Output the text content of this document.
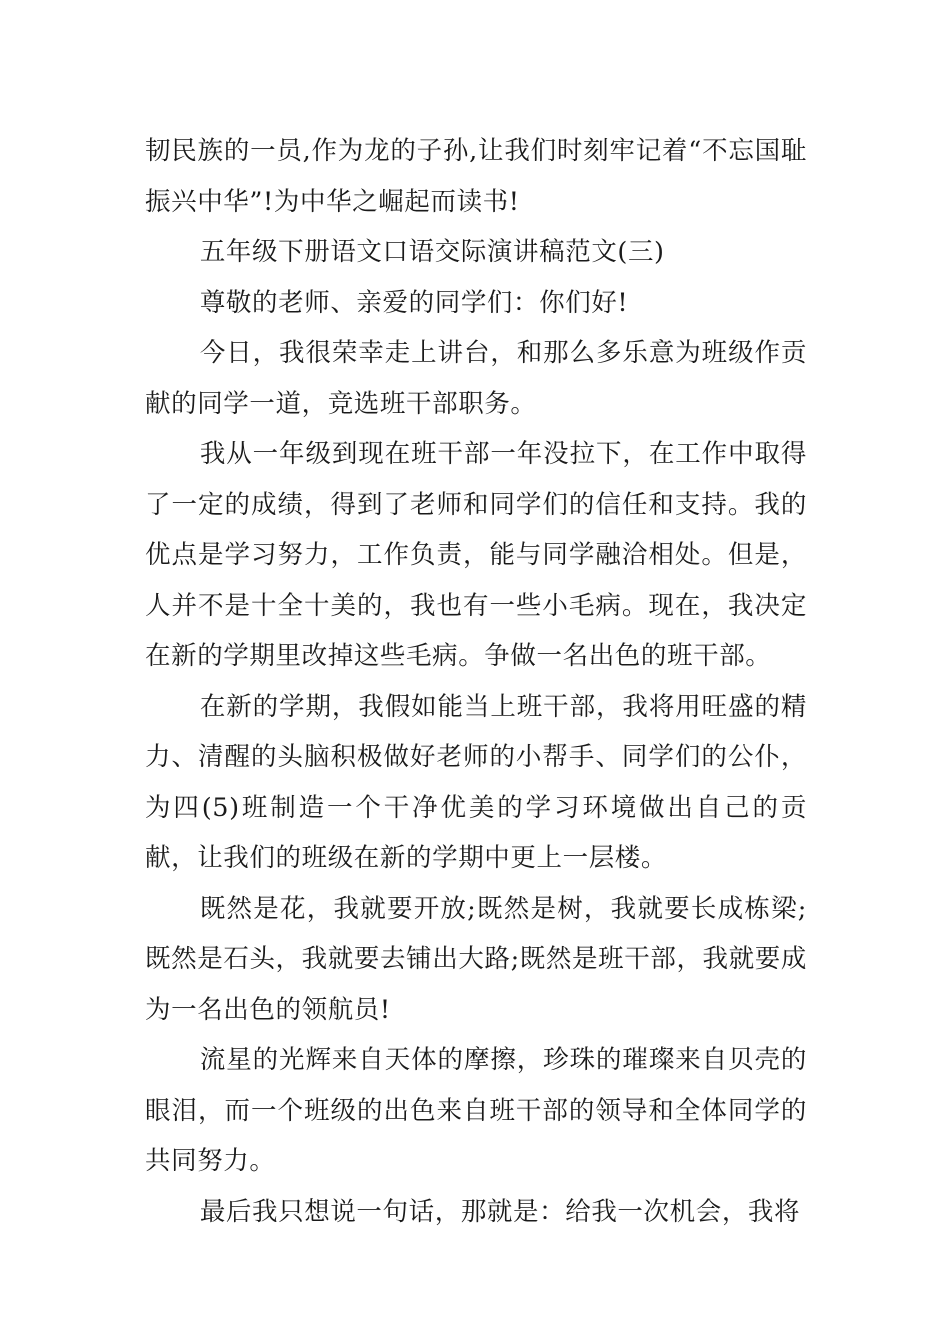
韧民族的一员,作为龙的子孙,让我们时刻牢记着“不忘国耻 振兴中华”!为中华之崛起而读书!

五年级下册语文口语交际演讲稿范文(三)

尊敬的老师、亲爱的同学们：你们好!

今日，我很荣幸走上讲台，和那么多乐意为班级作贡献的同学一道，竞选班干部职务。

我从一年级到现在班干部一年没拉下，在工作中取得了一定的成绩，得到了老师和同学们的信任和支持。我的优点是学习努力，工作负责，能与同学融洽相处。但是，人并不是十全十美的，我也有一些小毛病。现在，我决定在新的学期里改掉这些毛病。争做一名出色的班干部。

在新的学期，我假如能当上班干部，我将用旺盛的精力、清醒的头脑积极做好老师的小帮手、同学们的公仆，为四(5)班制造一个干净优美的学习环境做出自己的贡献，让我们的班级在新的学期中更上一层楼。

既然是花，我就要开放;既然是树，我就要长成栋梁;既然是石头，我就要去铺出大路;既然是班干部，我就要成为一名出色的领航员!

流星的光辉来自天体的摩擦，珍珠的璀璨来自贝壳的眼泪，而一个班级的出色来自班干部的领导和全体同学的共同努力。

最后我只想说一句话，那就是：给我一次机会，我将
